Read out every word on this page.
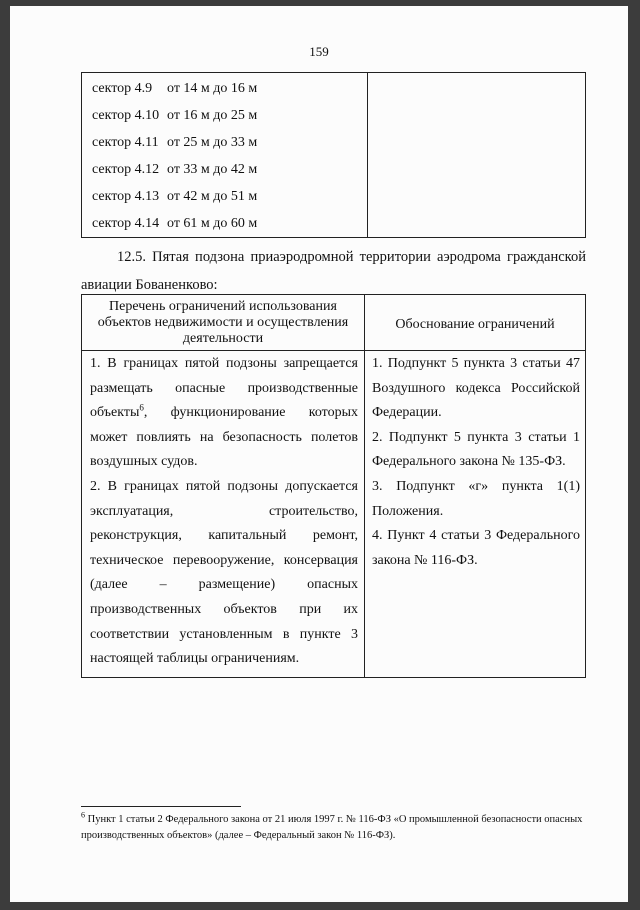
159
сектор 4.9 от 14 м до 16 м
сектор 4.10 от 16 м до 25 м
сектор 4.11 от 25 м до 33 м
сектор 4.12 от 33 м до 42 м
сектор 4.13 от 42 м до 51 м
сектор 4.14 от 61 м до 60 м
12.5. Пятая подзона приаэродромной территории аэродрома гражданской
авиации Бованенково:
Перечень ограничений использования объектов недвижимости и осуществления деятельности
Обоснование ограничений
1. В границах пятой подзоны запрещается
размещать опасные производственные
объекты$^6$, функционирование которых
может повлиять на безопасность полетов
воздушных судов.
2. В границах пятой подзоны допускается
эксплуатация, строительство,
реконструкция, капитальный ремонт,
техническое перевооружение, консервация
(далее – размещение) опасных
производственных объектов при их
соответствии установленным в пункте 3
настоящей таблицы ограничениям.
1. Подпункт 5 пункта 3 статьи 47
Воздушного кодекса Российской
Федерации.
2. Подпункт 5 пункта 3 статьи 1
Федерального закона № 135-ФЗ.
3. Подпункт «г» пункта 1(1)
Положения.
4. Пункт 4 статьи 3 Федерального
закона № 116-ФЗ.
$^6$ Пункт 1 статьи 2 Федерального закона от 21 июля 1997 г. № 116-ФЗ «О промышленной безопасности опасных производственных объектов» (далее – Федеральный закон № 116-ФЗ).
